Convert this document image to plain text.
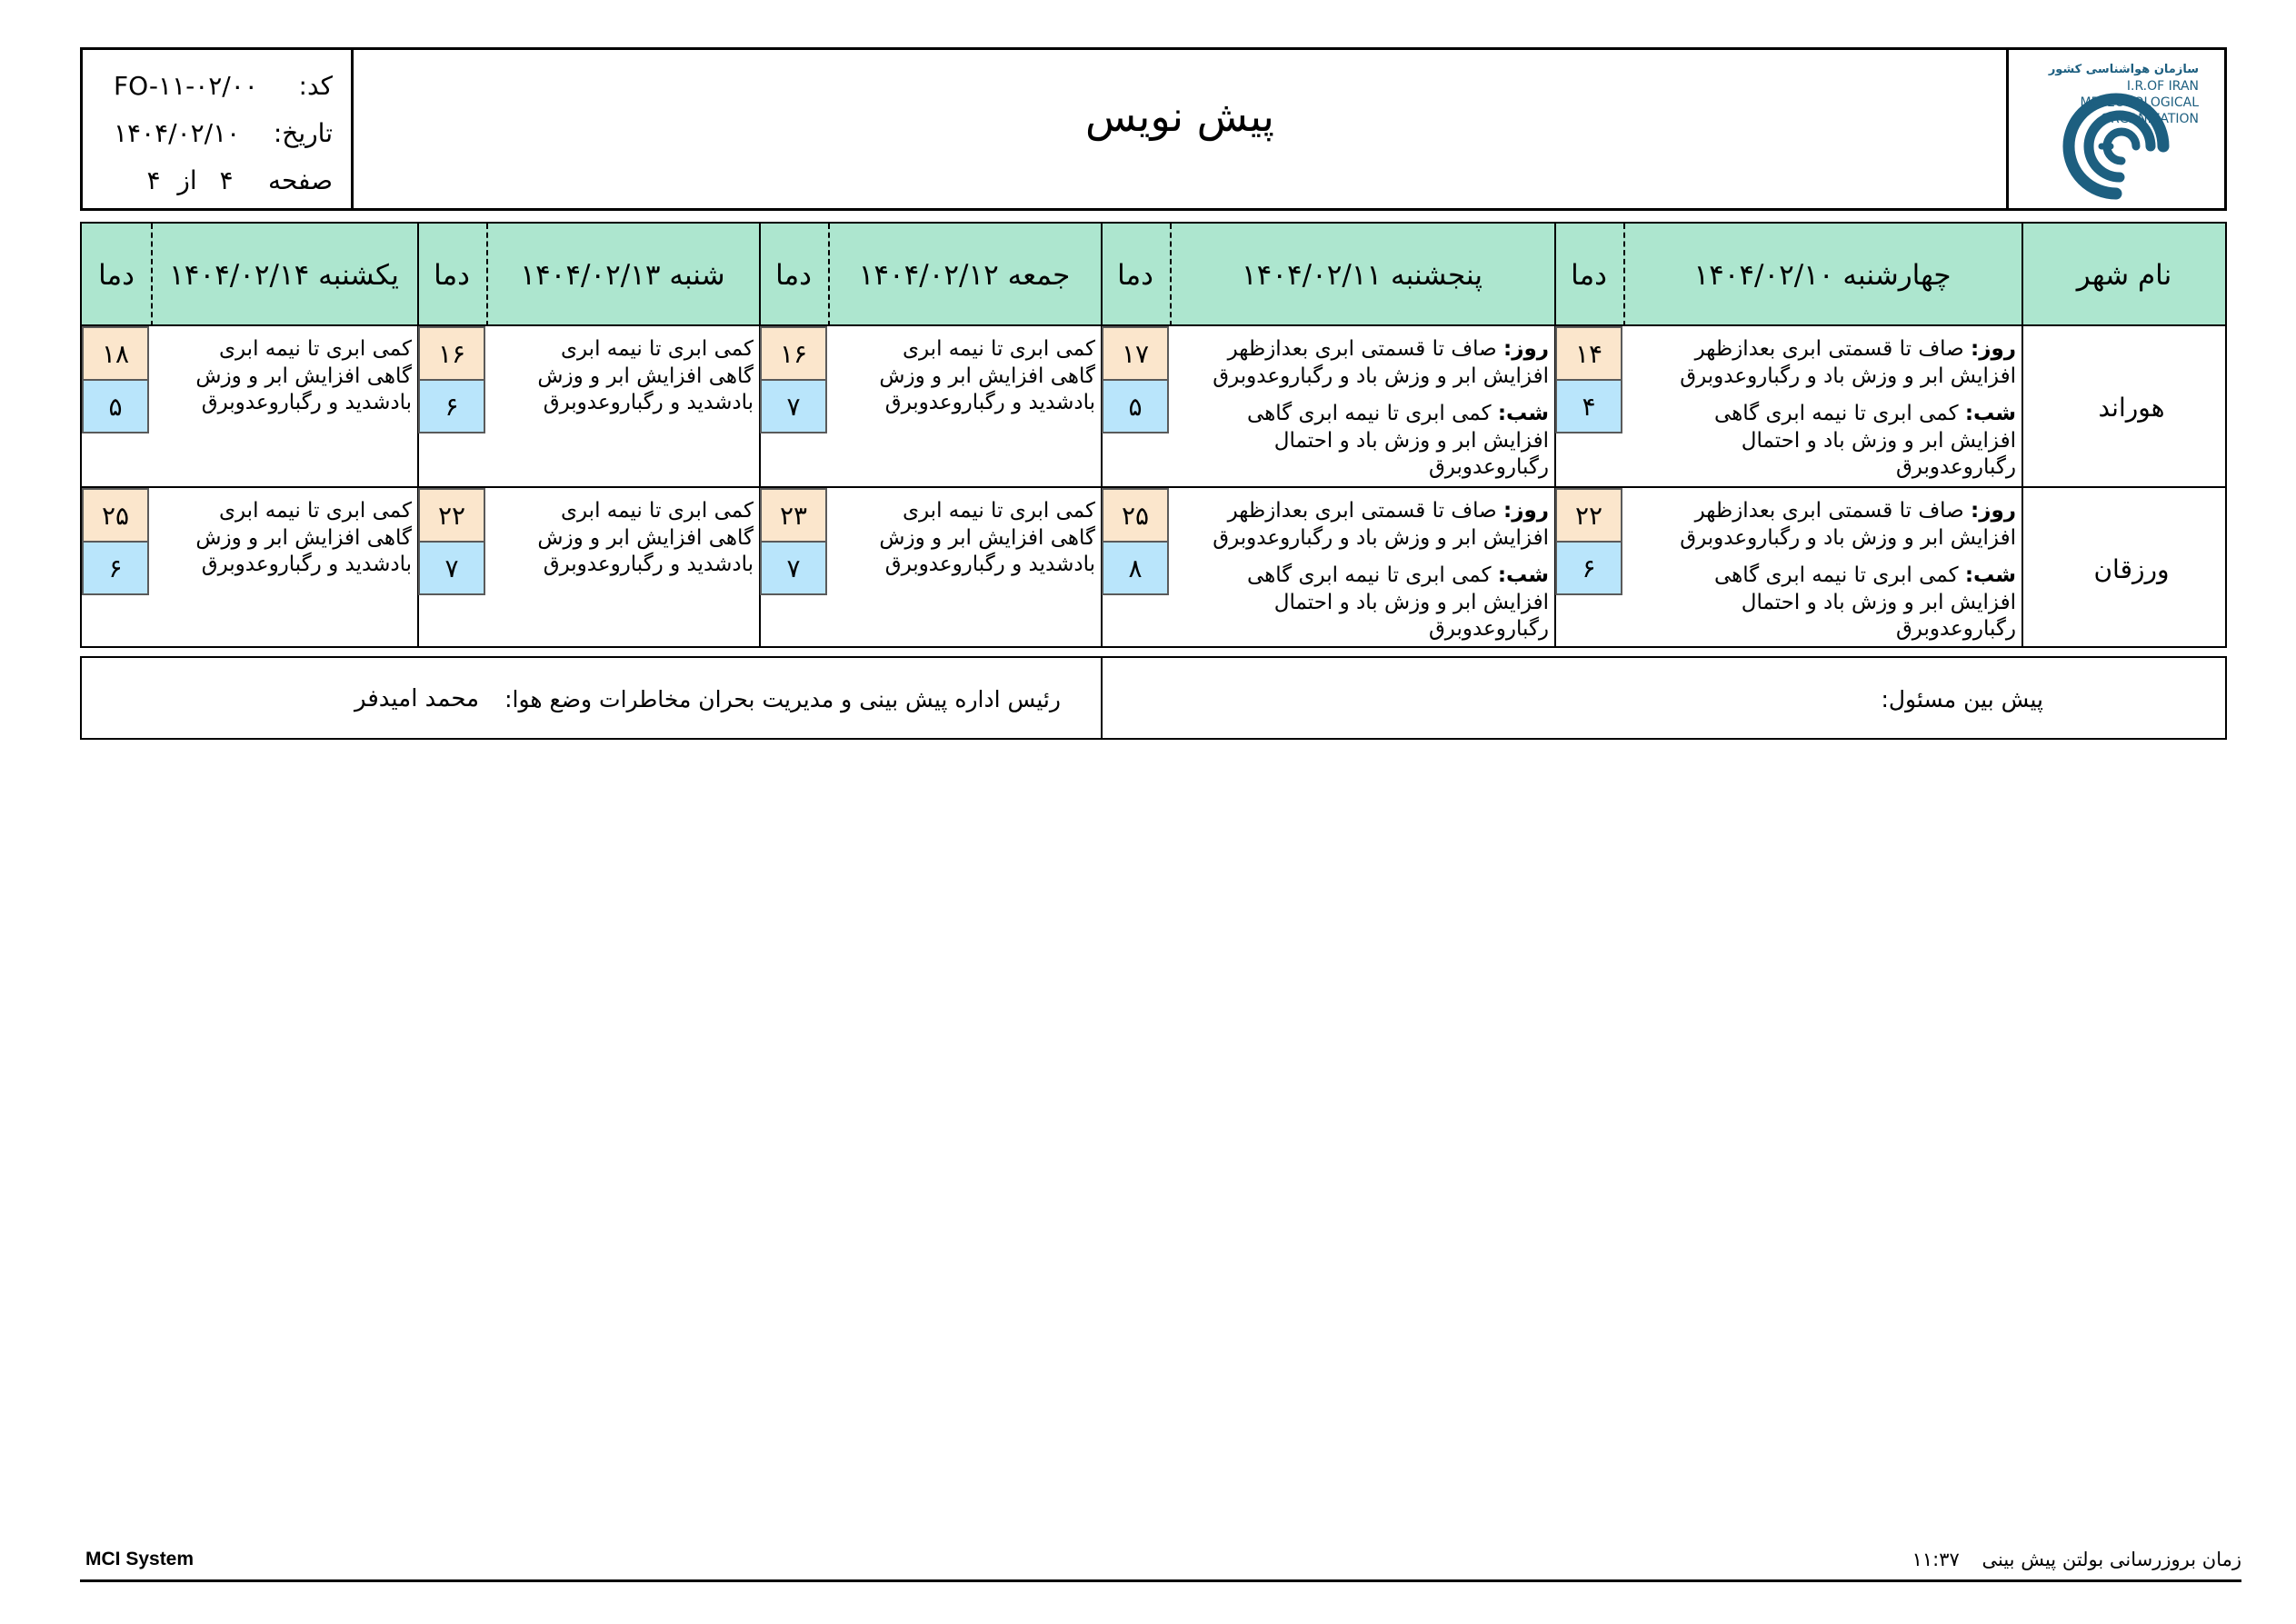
سازمان هواشناسی کشور
I.R.OF IRAN
METEOROLOGICAL
ORGANIZATION
پیش نویس
کد:
FO-۱۱-۰۲/۰۰
تاریخ:
۱۴۰۴/۰۲/۱۰
صفحه
۴
از
۴
نام شهر
دما	چهارشنبه ۱۴۰۴/۰۲/۱۰
دما	پنجشنبه ۱۴۰۴/۰۲/۱۱
دما	جمعه ۱۴۰۴/۰۲/۱۲
دما	شنبه ۱۴۰۴/۰۲/۱۳
دما	یکشنبه ۱۴۰۴/۰۲/۱۴
هوراند
روز: صاف تا قسمتی ابری بعدازظهر
افزایش ابر و وزش باد و رگباروعدوبرق
شب: کمی ابری تا نیمه ابری گاهی
افزایش ابر و وزش باد و احتمال
رگباروعدوبرق
۱۴
۴
روز: صاف تا قسمتی ابری بعدازظهر
افزایش ابر و وزش باد و رگباروعدوبرق
شب: کمی ابری تا نیمه ابری گاهی
افزایش ابر و وزش باد و احتمال
رگباروعدوبرق
۱۷
۵
کمی ابری تا نیمه ابری
گاهی افزایش ابر و وزش
بادشدید و رگباروعدوبرق
۱۶
۷
کمی ابری تا نیمه ابری
گاهی افزایش ابر و وزش
بادشدید و رگباروعدوبرق
۱۶
۶
کمی ابری تا نیمه ابری
گاهی افزایش ابر و وزش
بادشدید و رگباروعدوبرق
۱۸
۵
ورزقان
روز: صاف تا قسمتی ابری بعدازظهر
افزایش ابر و وزش باد و رگباروعدوبرق
شب: کمی ابری تا نیمه ابری گاهی
افزایش ابر و وزش باد و احتمال
رگباروعدوبرق
۲۲
۶
روز: صاف تا قسمتی ابری بعدازظهر
افزایش ابر و وزش باد و رگباروعدوبرق
شب: کمی ابری تا نیمه ابری گاهی
افزایش ابر و وزش باد و احتمال
رگباروعدوبرق
۲۵
۸
کمی ابری تا نیمه ابری
گاهی افزایش ابر و وزش
بادشدید و رگباروعدوبرق
۲۳
۷
کمی ابری تا نیمه ابری
گاهی افزایش ابر و وزش
بادشدید و رگباروعدوبرق
۲۲
۷
کمی ابری تا نیمه ابری
گاهی افزایش ابر و وزش
بادشدید و رگباروعدوبرق
۲۵
۶
پیش بین مسئول:
رئیس اداره پیش بینی و مدیریت بحران مخاطرات وضع هوا:
محمد امیدفر
MCI System	زمان بروزرسانی بولتن پیش بینی ۱۱:۳۷
